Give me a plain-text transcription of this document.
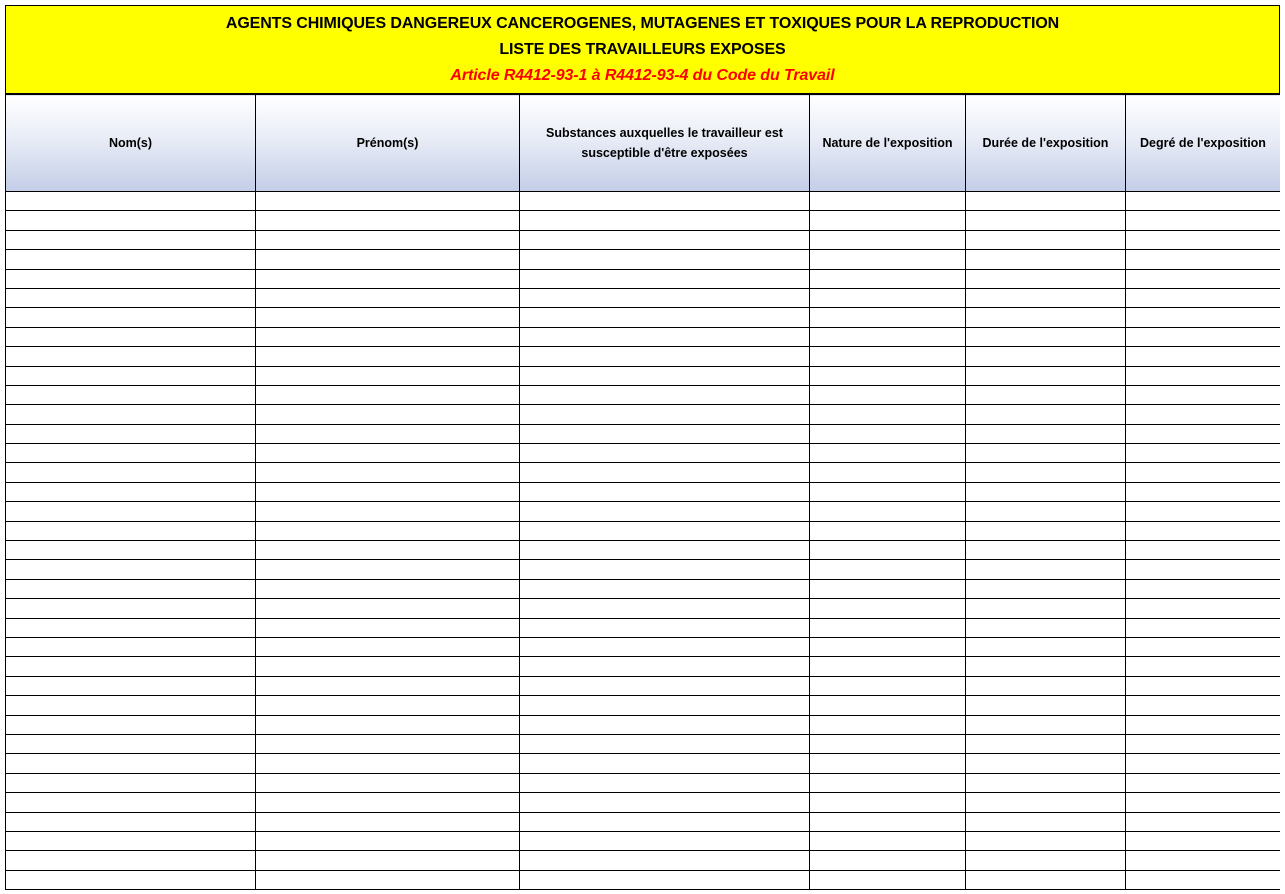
AGENTS CHIMIQUES DANGEREUX CANCEROGENES, MUTAGENES ET TOXIQUES POUR LA REPRODUCTION
LISTE DES TRAVAILLEURS EXPOSES
Article R4412-93-1 à R4412-93-4 du Code du Travail
Nom(s)	Prénom(s)	Substances auxquelles le travailleur est susceptible d'être exposées	Nature de l'exposition	Durée de l'exposition	Degré de l'exposition
